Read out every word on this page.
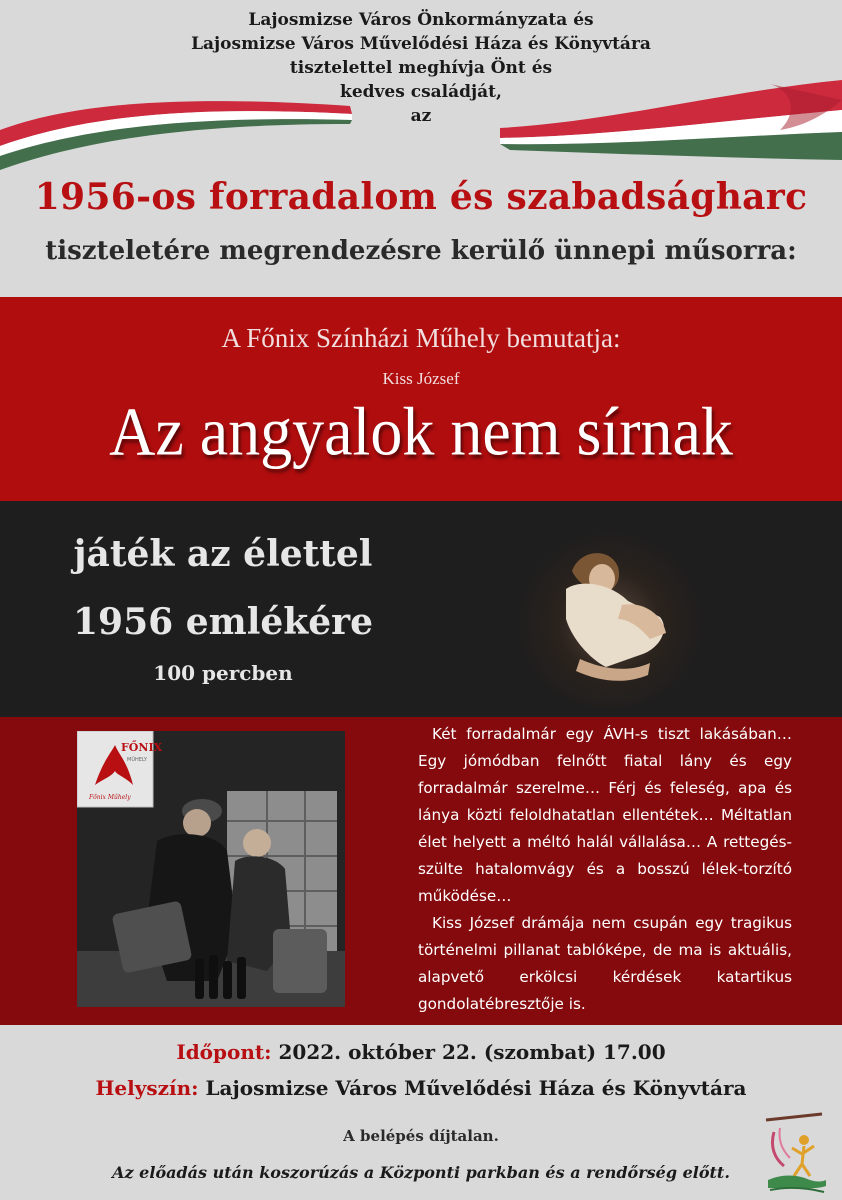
Lajosmizse Város Önkormányzata és
Lajosmizse Város Művelődési Háza és Könyvtára
tisztelettel meghívja Önt és
kedves családját,
az
1956-os forradalom és szabadságharc
tiszteletére megrendezésre kerülő ünnepi műsorra:
A Főnix Színházi Műhely bemutatja:
Kiss József
Az angyalok nem sírnak
játék az élettel
1956 emlékére
100 percben
FŐNIX
MŰHELY
Főnix Műhely

Két forradalmár egy ÁVH-s tiszt lakásában… Egy jómódban felnőtt fiatal lány és egy forradalmár szerelme… Férj és feleség, apa és lánya közti feloldhatatlan ellentétek… Méltatlan élet helyett a méltó halál vállalása… A rettegés-szülte hatalomvágy és a bosszú lélek-torzító működése…

Kiss József drámája nem csupán egy tragikus történelmi pillanat tablóképe, de ma is aktuális, alapvető erkölcsi kérdések katartikus gondolatébresztője is.

Időpont: 2022. október 22. (szombat) 17.00
Helyszín: Lajosmizse Város Művelődési Háza és Könyvtára
A belépés díjtalan.
Az előadás után koszorúzás a Központi parkban és a rendőrség előtt.
